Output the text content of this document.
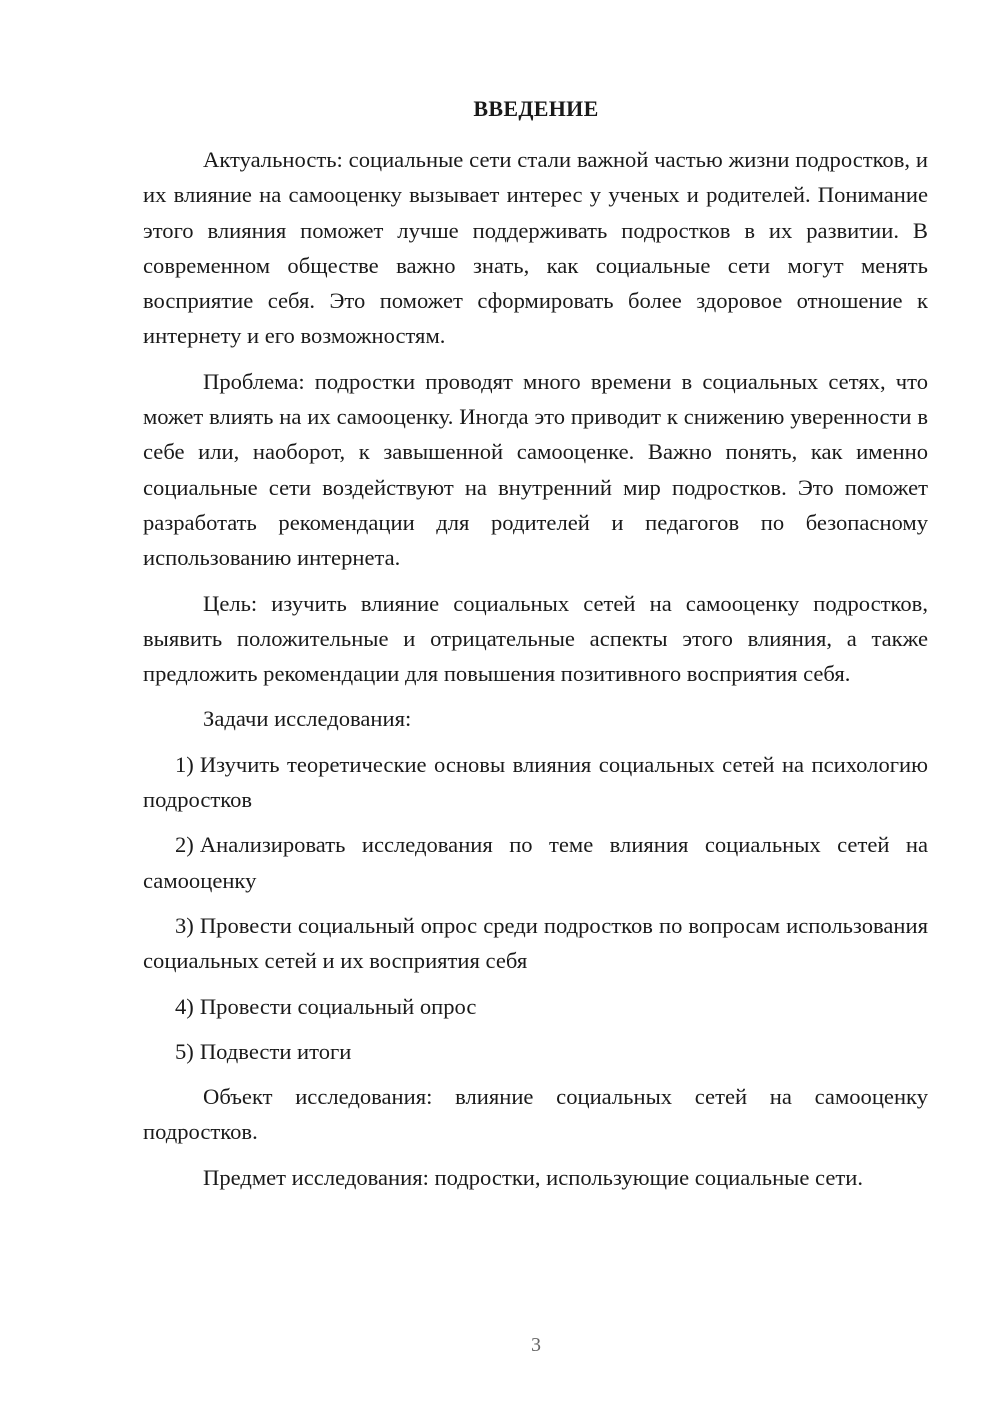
ВВЕДЕНИЕ

Актуальность: социальные сети стали важной частью жизни подростков, и их влияние на самооценку вызывает интерес у ученых и родителей. Понимание этого влияния поможет лучше поддерживать подростков в их развитии. В современном обществе важно знать, как социальные сети могут менять восприятие себя. Это поможет сформировать более здоровое отношение к интернету и его возможностям.

Проблема: подростки проводят много времени в социальных сетях, что может влиять на их самооценку. Иногда это приводит к снижению уверенности в себе или, наоборот, к завышенной самооценке. Важно понять, как именно социальные сети воздействуют на внутренний мир подростков. Это поможет разработать рекомендации для родителей и педагогов по безопасному использованию интернета.

Цель: изучить влияние социальных сетей на самооценку подростков, выявить положительные и отрицательные аспекты этого влияния, а также предложить рекомендации для повышения позитивного восприятия себя.

Задачи исследования:

1) Изучить теоретические основы влияния социальных сетей на психологию подростков
2) Анализировать исследования по теме влияния социальных сетей на самооценку
3) Провести социальный опрос среди подростков по вопросам использования социальных сетей и их восприятия себя
4) Провести социальный опрос
5) Подвести итоги

Объект исследования: влияние социальных сетей на самооценку подростков.

Предмет исследования: подростки, использующие социальные сети.

3
